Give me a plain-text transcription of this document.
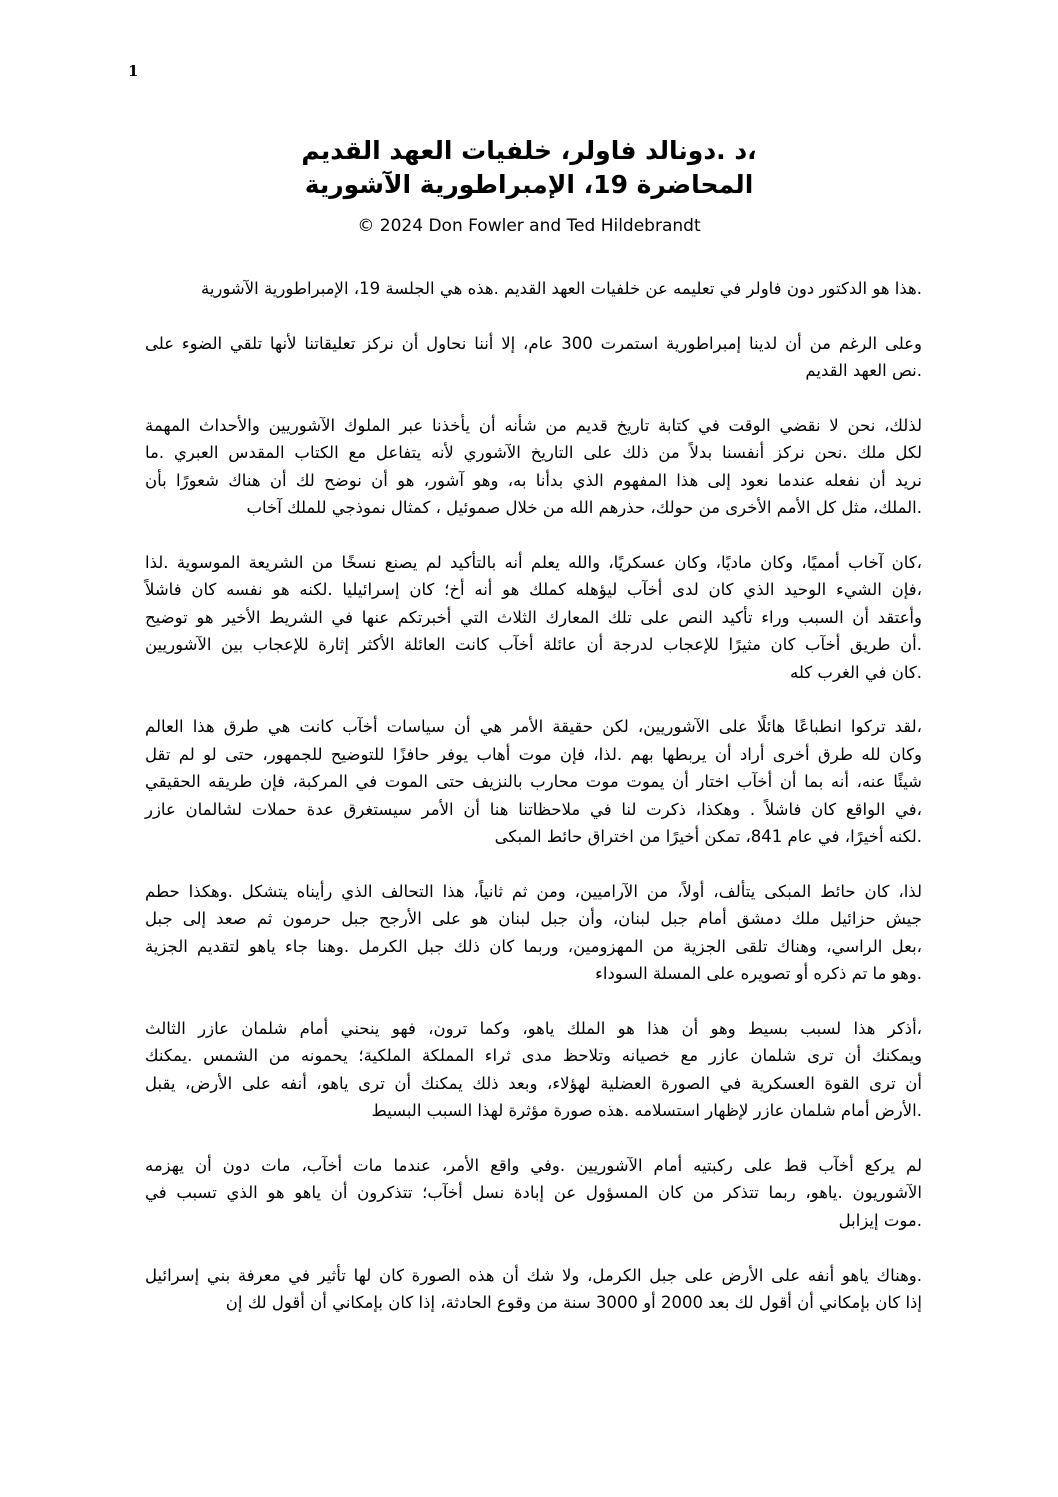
1
،د .دونالد فاولر، خلفيات العهد القديم
المحاضرة 19، الإمبراطورية الآشورية
© 2024 Don Fowler and Ted Hildebrandt
.هذا هو الدكتور دون فاولر في تعليمه عن خلفيات العهد القديم .هذه هي الجلسة 19، الإمبراطورية الآشورية
وعلى الرغم من أن لدينا إمبراطورية استمرت 300 عام، إلا أننا نحاول أن نركز تعليقاتنا لأنها تلقي الضوء على
.نص العهد القديم
لذلك، نحن لا نقضي الوقت في كتابة تاريخ قديم من شأنه أن يأخذنا عبر الملوك الآشوريين والأحداث المهمة
لكل ملك .نحن نركز أنفسنا بدلاً من ذلك على التاريخ الآشوري لأنه يتفاعل مع الكتاب المقدس العبري .ما
نريد أن نفعله عندما نعود إلى هذا المفهوم الذي بدأنا به، وهو آشور، هو أن نوضح لك أن هناك شعورًا بأن
.الملك، مثل كل الأمم الأخرى من حولك، حذرهم الله من خلال صموئيل ، كمثال نموذجي للملك آخاب
،كان آخاب أمميًا، وكان ماديًا، وكان عسكريًا، والله يعلم أنه بالتأكيد لم يصنع نسخًا من الشريعة الموسوية .لذا
،فإن الشيء الوحيد الذي كان لدى أخآب ليؤهله كملك هو أنه أخ؛ كان إسرائيليا .لكنه هو نفسه كان فاشلاً
وأعتقد أن السبب وراء تأكيد النص على تلك المعارك الثلاث التي أخبرتكم عنها في الشريط الأخير هو توضيح
.أن طريق أخآب كان مثيرًا للإعجاب لدرجة أن عائلة أخآب كانت العائلة الأكثر إثارة للإعجاب بين الآشوريين
.كان في الغرب كله
،لقد تركوا انطباعًا هائلًا على الآشوريين، لكن حقيقة الأمر هي أن سياسات أخآب كانت هي طرق هذا العالم
وكان لله طرق أخرى أراد أن يربطها بهم .لذا، فإن موت أهاب يوفر حافزًا للتوضيح للجمهور، حتى لو لم تقل
شيئًا عنه، أنه بما أن أخآب اختار أن يموت موت محارب بالنزيف حتى الموت في المركبة، فإن طريقه الحقيقي
،في الواقع كان فاشلاً . وهكذا، ذكرت لنا في ملاحظاتنا هنا أن الأمر سيستغرق عدة حملات لشالمان عازر
.لكنه أخيرًا، في عام 841، تمكن أخيرًا من اختراق حائط المبكى
لذا، كان حائط المبكى يتألف، أولاً، من الآراميين، ومن ثم ثانياً، هذا التحالف الذي رأيناه يتشكل .وهكذا حطم
جيش حزائيل ملك دمشق أمام جبل لبنان، وأن جبل لبنان هو على الأرجح جبل حرمون ثم صعد إلى جبل
،بعل الراسي، وهناك تلقى الجزية من المهزومين، وربما كان ذلك جبل الكرمل .وهنا جاء ياهو لتقديم الجزية
.وهو ما تم ذكره أو تصويره على المسلة السوداء
،أذكر هذا لسبب بسيط وهو أن هذا هو الملك ياهو، وكما ترون، فهو ينحني أمام شلمان عازر الثالث
ويمكنك أن ترى شلمان عازر مع خصيانه وتلاحظ مدى ثراء المملكة الملكية؛ يحمونه من الشمس .يمكنك
أن ترى القوة العسكرية في الصورة العضلية لهؤلاء، وبعد ذلك يمكنك أن ترى ياهو، أنفه على الأرض، يقبل
.الأرض أمام شلمان عازر لإظهار استسلامه .هذه صورة مؤثرة لهذا السبب البسيط
لم يركع أخآب قط على ركبتيه أمام الآشوريين .وفي واقع الأمر، عندما مات أخآب، مات دون أن يهزمه
الآشوريون .ياهو، ربما تتذكر من كان المسؤول عن إبادة نسل أخآب؛ تتذكرون أن ياهو هو الذي تسبب في
.موت إيزابل
.وهناك ياهو أنفه على الأرض على جبل الكرمل، ولا شك أن هذه الصورة كان لها تأثير في معرفة بني إسرائيل
إذا كان بإمكاني أن أقول لك بعد 2000 أو 3000 سنة من وقوع الحادثة، إذا كان بإمكاني أن أقول لك إن
